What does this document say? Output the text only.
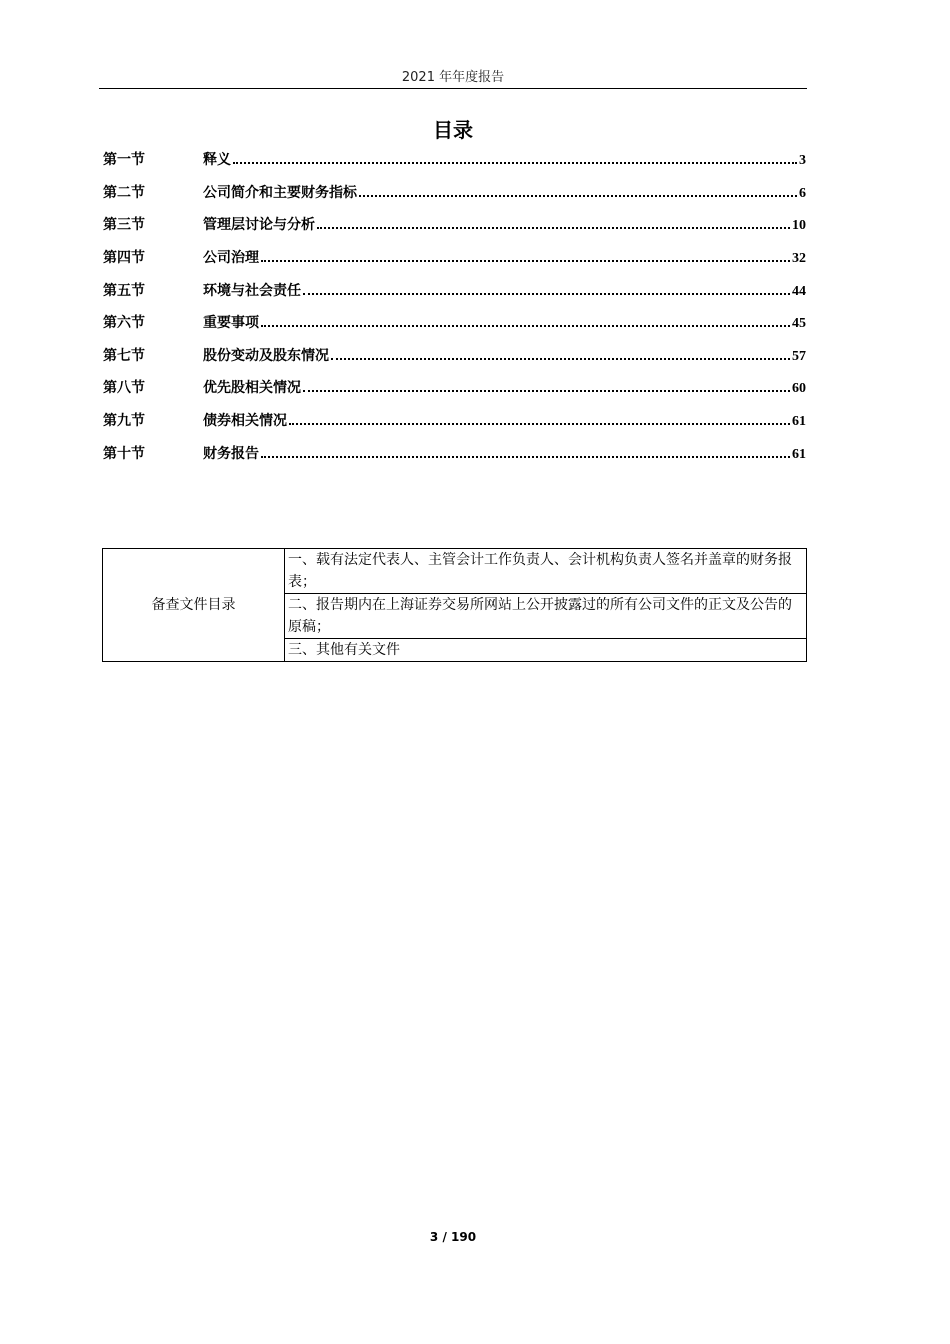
2021 年年度报告
目录
第一节	释义	3
第二节	公司简介和主要财务指标	6
第三节	管理层讨论与分析	10
第四节	公司治理	32
第五节	环境与社会责任	44
第六节	重要事项	45
第七节	股份变动及股东情况	57
第八节	优先股相关情况	60
第九节	债券相关情况	61
第十节	财务报告	61
备查文件目录	一、载有法定代表人、主管会计工作负责人、会计机构负责人签名并盖章的财务报表；
二、报告期内在上海证券交易所网站上公开披露过的所有公司文件的正文及公告的原稿；
三、其他有关文件
3 / 190
